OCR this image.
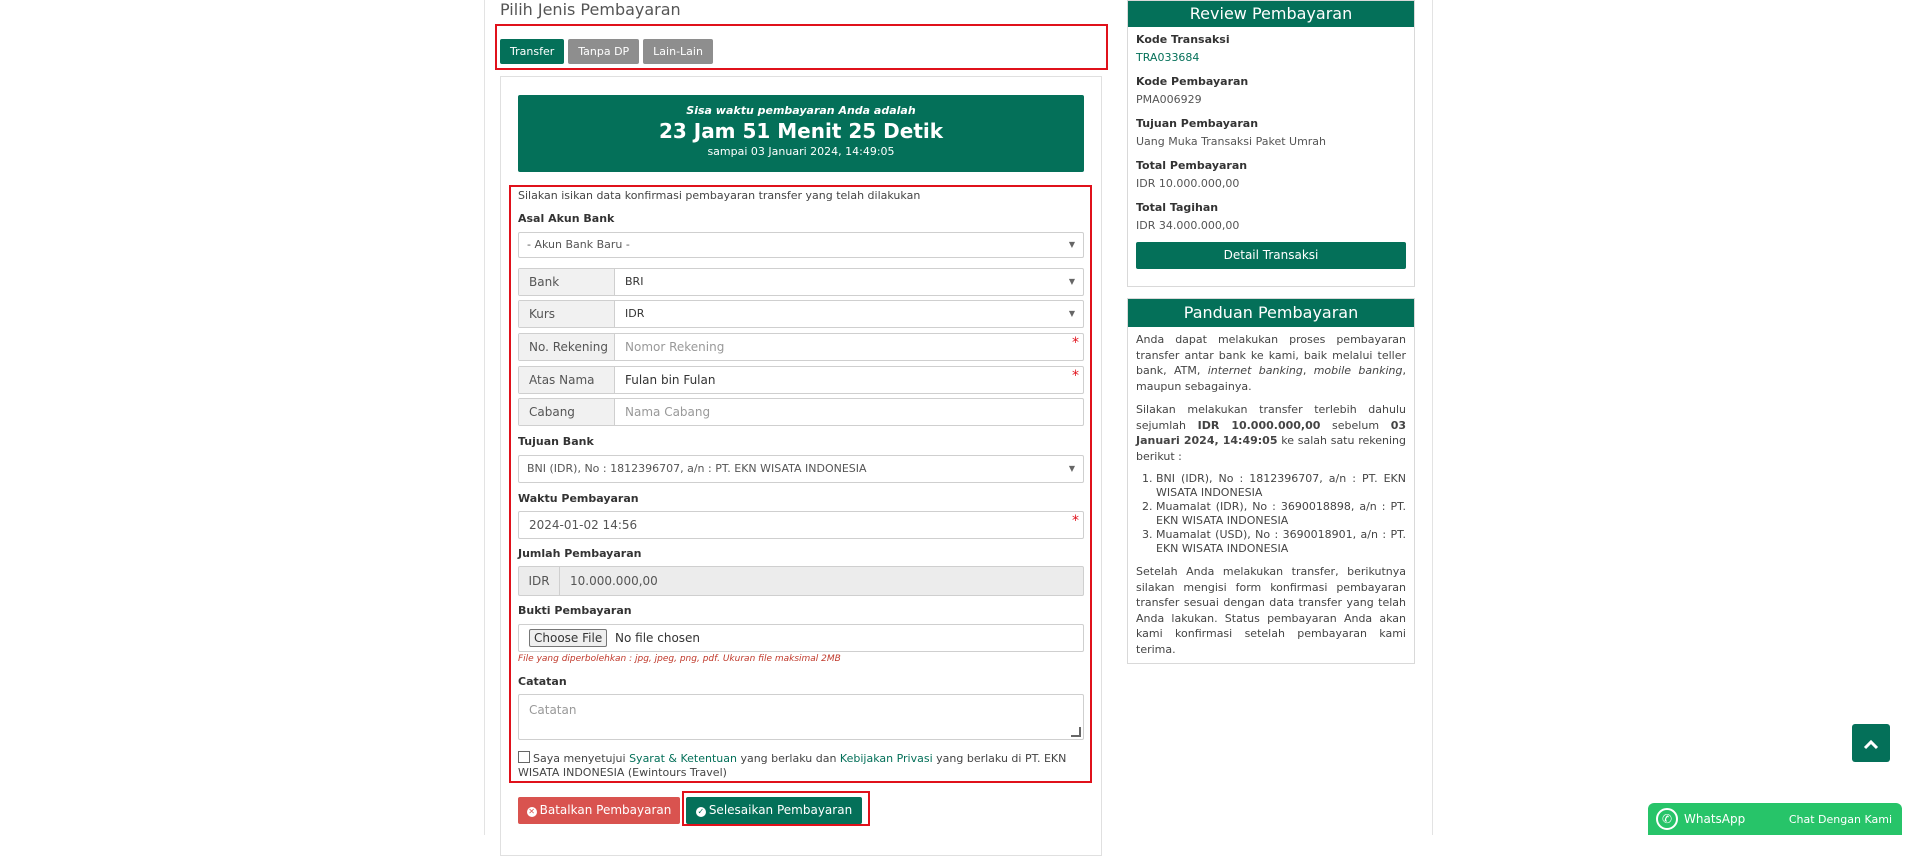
Pilih Jenis Pembayaran
Transfer	Tanpa DP	Lain-Lain
Sisa waktu pembayaran Anda adalah
23 Jam 51 Menit 25 Detik
sampai 03 Januari 2024, 14:49:05
Silakan isikan data konfirmasi pembayaran transfer yang telah dilakukan
Asal Akun Bank
- Akun Bank Baru -	▼
Bank	BRI	▼
Kurs	IDR	▼
No. Rekening	Nomor Rekening	*
Atas Nama	Fulan bin Fulan	*
Cabang	Nama Cabang
Tujuan Bank
BNI (IDR), No : 1812396707, a/n : PT. EKN WISATA INDONESIA	▼
Waktu Pembayaran
2024-01-02 14:56	*
Jumlah Pembayaran
IDR	10.000.000,00
Bukti Pembayaran
Choose File No file chosen
File yang diperbolehkan : jpg, jpeg, png, pdf. Ukuran file maksimal 2MB
Catatan
Catatan
Saya menyetujui Syarat & Ketentuan yang berlaku dan Kebijakan Privasi yang berlaku di PT. EKN WISATA INDONESIA (Ewintours Travel)
✕ Batalkan Pembayaran	✓ Selesaikan Pembayaran
Review Pembayaran
Kode Transaksi
TRA033684
Kode Pembayaran
PMA006929
Tujuan Pembayaran
Uang Muka Transaksi Paket Umrah
Total Pembayaran
IDR 10.000.000,00
Total Tagihan
IDR 34.000.000,00
Detail Transaksi
Panduan Pembayaran

Anda dapat melakukan proses pembayaran transfer antar bank ke kami, baik melalui teller bank, ATM, internet banking, mobile banking, maupun sebagainya.

Silakan melakukan transfer terlebih dahulu sejumlah IDR 10.000.000,00 sebelum 03 Januari 2024, 14:49:05 ke salah satu rekening berikut :

1. BNI (IDR), No : 1812396707, a/n : PT. EKN WISATA INDONESIA
2. Muamalat (IDR), No : 3690018898, a/n : PT. EKN WISATA INDONESIA
3. Muamalat (USD), No : 3690018901, a/n : PT. EKN WISATA INDONESIA

Setelah Anda melakukan transfer, berikutnya silakan mengisi form konfirmasi pembayaran transfer sesuai dengan data transfer yang telah Anda lakukan. Status pembayaran Anda akan kami konfirmasi setelah pembayaran kami terima.

✆ WhatsApp	Chat Dengan Kami
